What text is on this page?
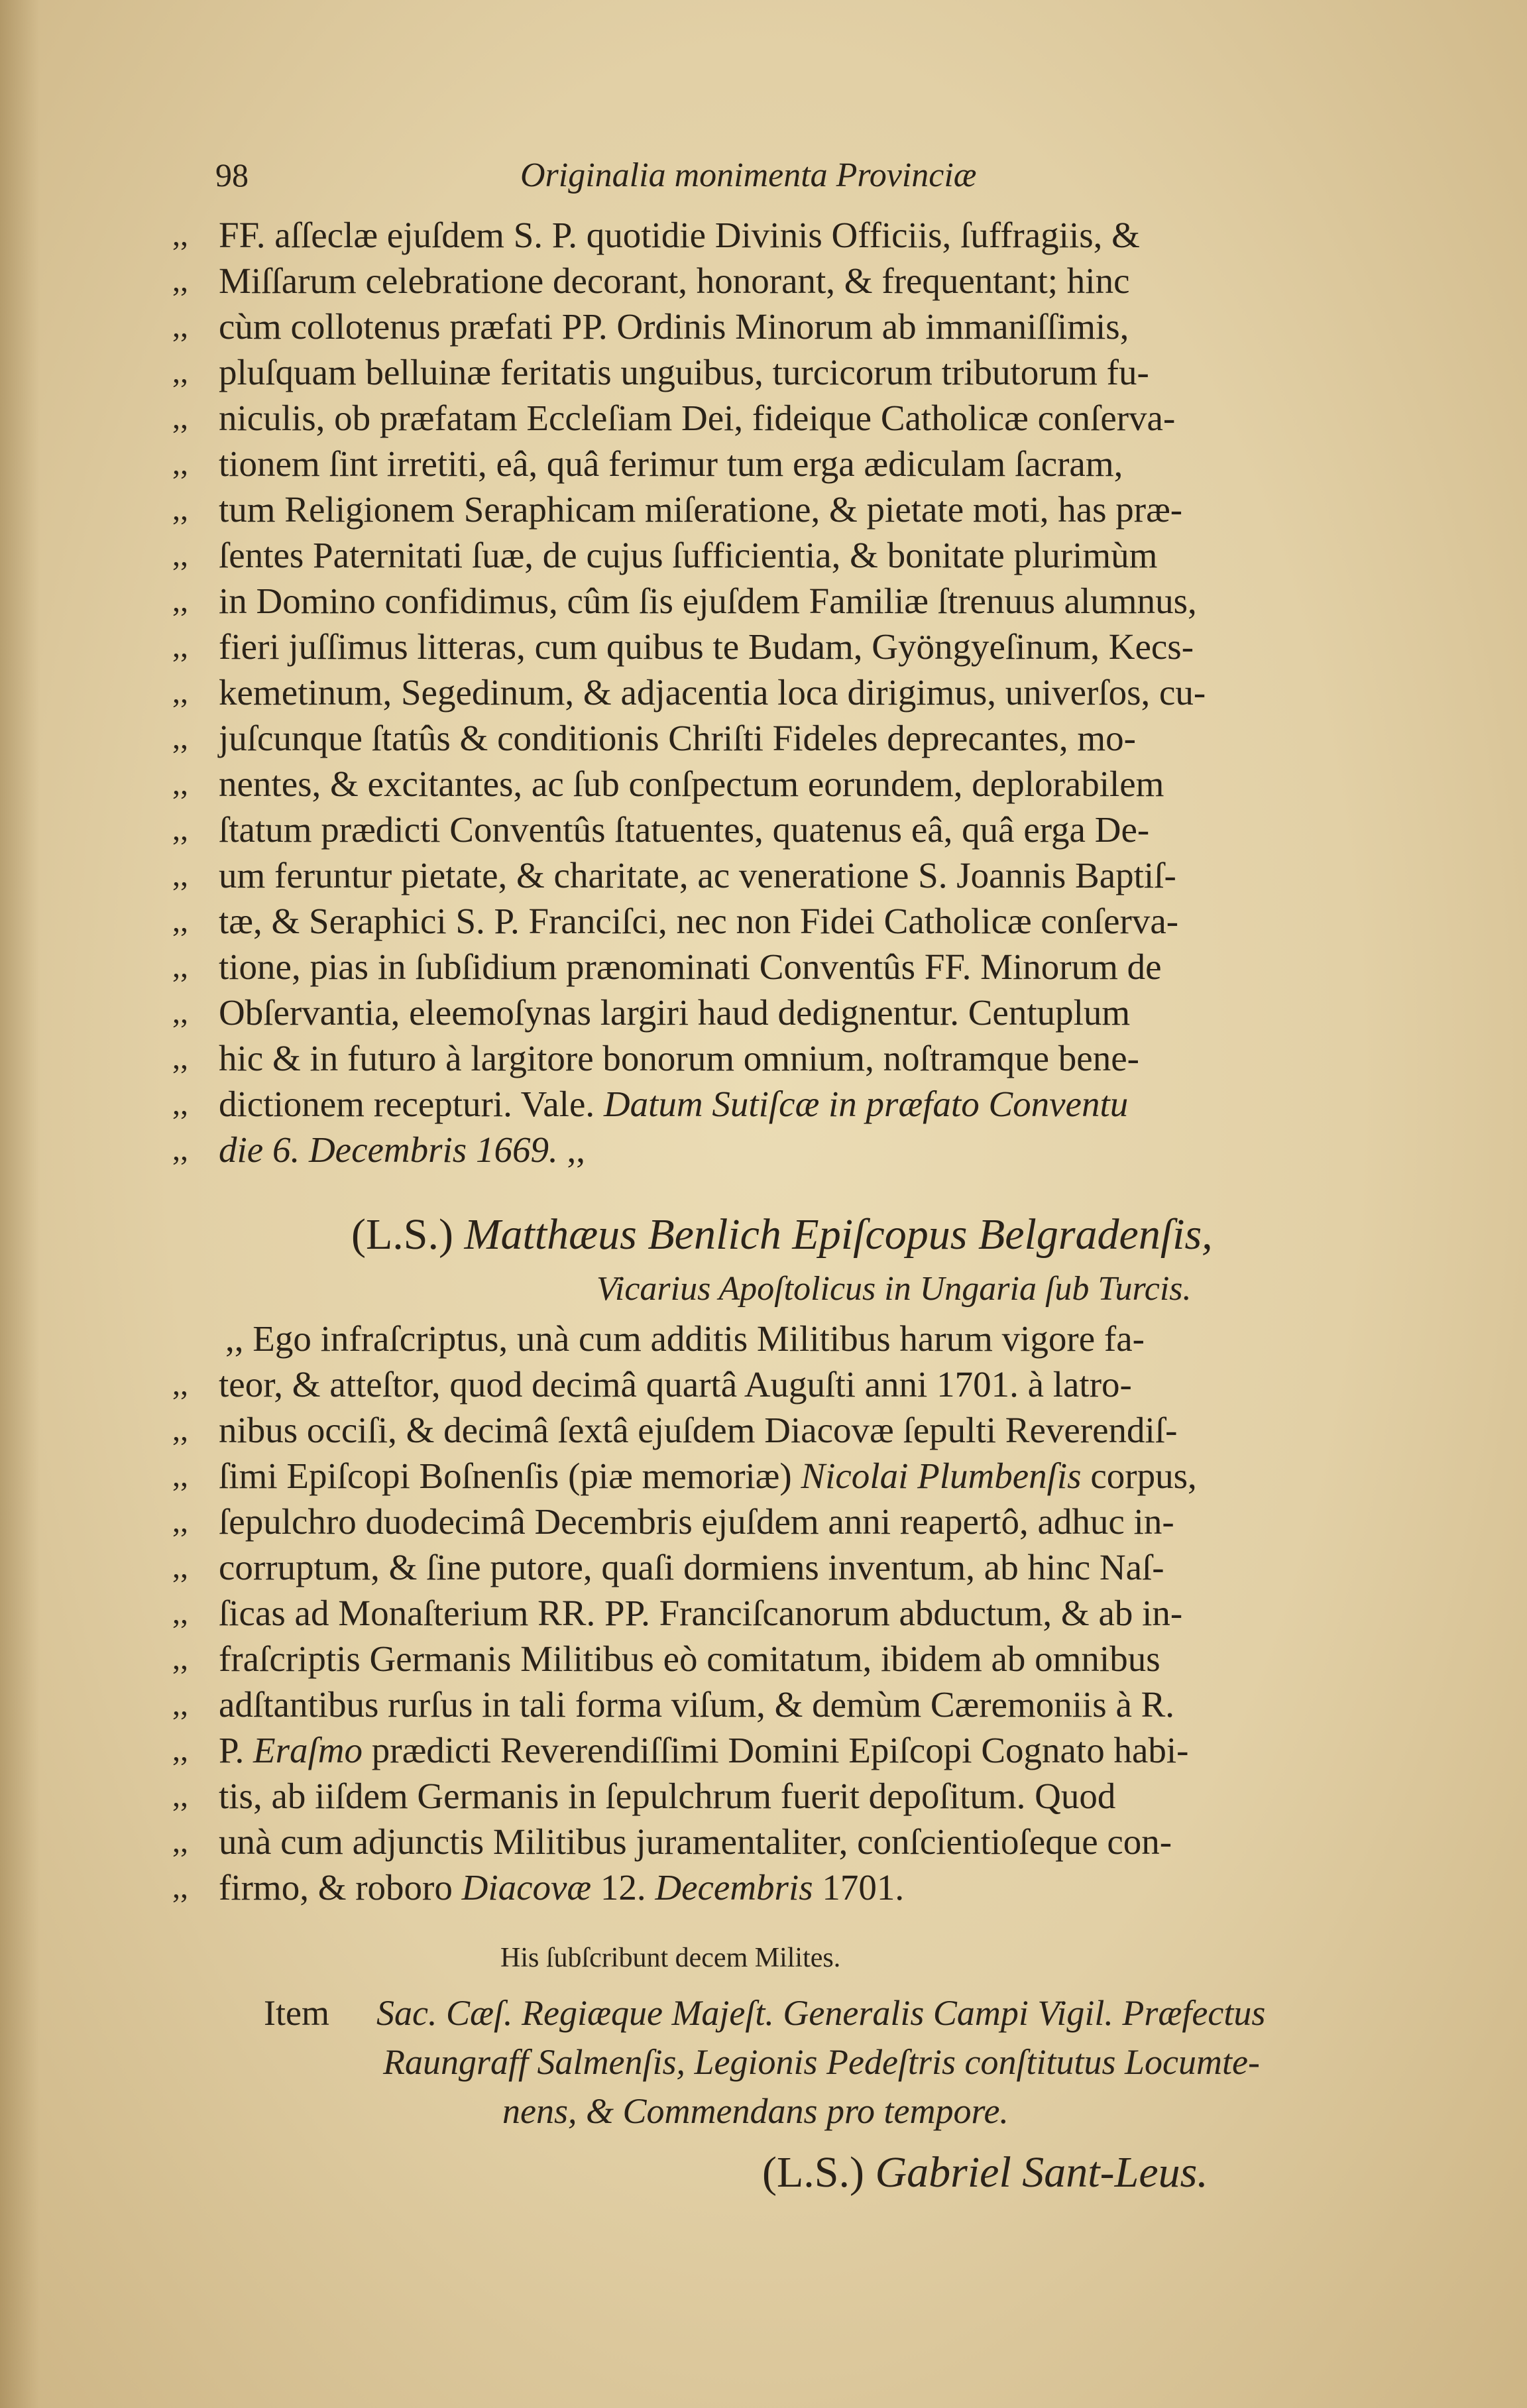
98	Originalia monimenta Provinciæ
,, FF. aſſeclæ ejuſdem S. P. quotidie Divinis Officiis, ſuffragiis, &
,, Miſſarum celebratione decorant, honorant, & frequentant; hinc
,, cùm collotenus præfati PP. Ordinis Minorum ab immaniſſimis,
,, pluſquam belluinæ feritatis unguibus, turcicorum tributorum fu-
,, niculis, ob præfatam Eccleſiam Dei, fideique Catholicæ conſerva-
,, tionem ſint irretiti, eâ, quâ ferimur tum erga ædiculam ſacram,
,, tum Religionem Seraphicam miſeratione, & pietate moti, has præ-
,, ſentes Paternitati ſuæ, de cujus ſufficientia, & bonitate plurimùm
,, in Domino confidimus, cûm ſis ejuſdem Familiæ ſtrenuus alumnus,
,, fieri juſſimus litteras, cum quibus te Budam, Gyöngyeſinum, Kecs-
,, kemetinum, Segedinum, & adjacentia loca dirigimus, univerſos, cu-
,, juſcunque ſtatûs & conditionis Chriſti Fideles deprecantes, mo-
,, nentes, & excitantes, ac ſub conſpectum eorundem, deplorabilem
,, ſtatum prædicti Conventûs ſtatuentes, quatenus eâ, quâ erga De-
,, um feruntur pietate, & charitate, ac veneratione S. Joannis Baptiſ-
,, tæ, & Seraphici S. P. Franciſci, nec non Fidei Catholicæ conſerva-
,, tione, pias in ſubſidium prænominati Conventûs FF. Minorum de
,, Obſervantia, eleemoſynas largiri haud dedignentur. Centuplum
,, hic & in futuro à largitore bonorum omnium, noſtramque bene-
,, dictionem recepturi. Vale. Datum Sutiſcæ in præfato Conventu
,, die 6. Decembris 1669. ,,
(L.S.) Matthæus Benlich Epiſcopus Belgradenſis,
Vicarius Apoſtolicus in Ungaria ſub Turcis.
,, Ego infraſcriptus, unà cum additis Militibus harum vigore fa-
,, teor, & atteſtor, quod decimâ quartâ Auguſti anni 1701. à latro-
,, nibus occiſi, & decimâ ſextâ ejuſdem Diacovæ ſepulti Reverendiſ-
,, ſimi Epiſcopi Boſnenſis (piæ memoriæ) Nicolai Plumbenſis corpus,
,, ſepulchro duodecimâ Decembris ejuſdem anni reapertô, adhuc in-
,, corruptum, & ſine putore, quaſi dormiens inventum, ab hinc Naſ-
,, ſicas ad Monaſterium RR. PP. Franciſcanorum abductum, & ab in-
,, fraſcriptis Germanis Militibus eò comitatum, ibidem ab omnibus
,, adſtantibus rurſus in tali forma viſum, & demùm Cæremoniis à R.
,, P. Eraſmo prædicti Reverendiſſimi Domini Epiſcopi Cognato habi-
,, tis, ab iiſdem Germanis in ſepulchrum fuerit depoſitum. Quod
,, unà cum adjunctis Militibus juramentaliter, conſcientioſeque con-
,, firmo, & roboro Diacovæ 12. Decembris 1701.
His ſubſcribunt decem Milites.
Item Sac. Cæſ. Regiæque Majeſt. Generalis Campi Vigil. Præfectus
Raungraff Salmenſis, Legionis Pedeſtris conſtitutus Locumte-
nens, & Commendans pro tempore.
(L.S.) Gabriel Sant-Leus.
